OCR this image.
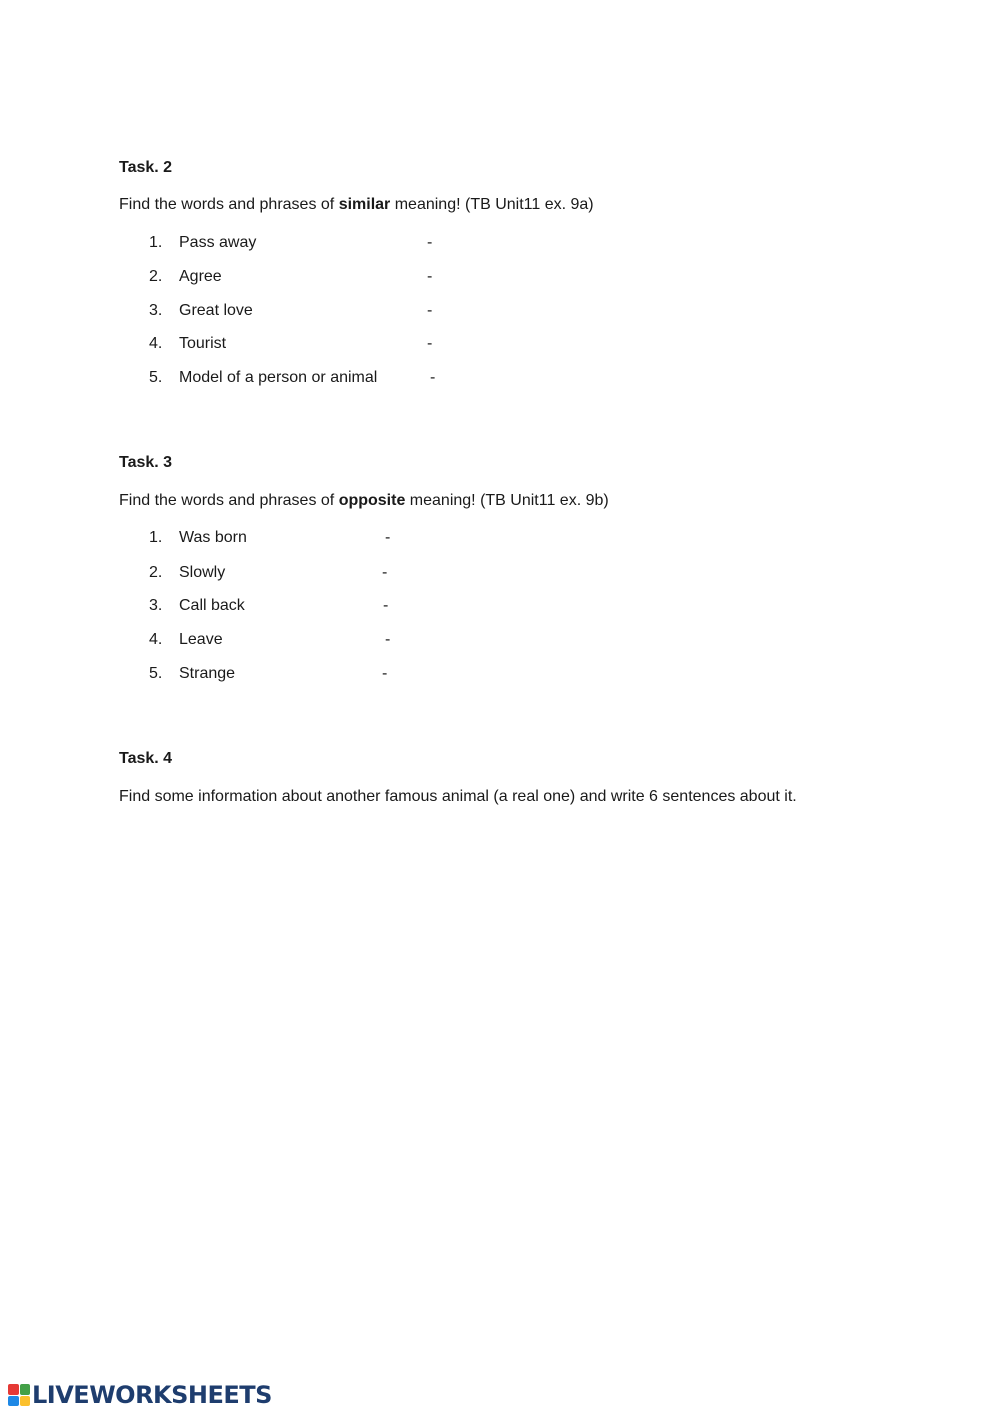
Task. 2
Find the words and phrases of similar meaning! (TB Unit11 ex. 9a)
1. Pass away	-
2. Agree	-
3. Great love	-
4. Tourist	-
5. Model of a person or animal	-
Task. 3
Find the words and phrases of opposite meaning! (TB Unit11 ex. 9b)
1. Was born	-
2. Slowly	-
3. Call back	-
4. Leave	-
5. Strange	-
Task. 4
Find some information about another famous animal (a real one) and write 6 sentences about it.
LIVEWORKSHEETS
